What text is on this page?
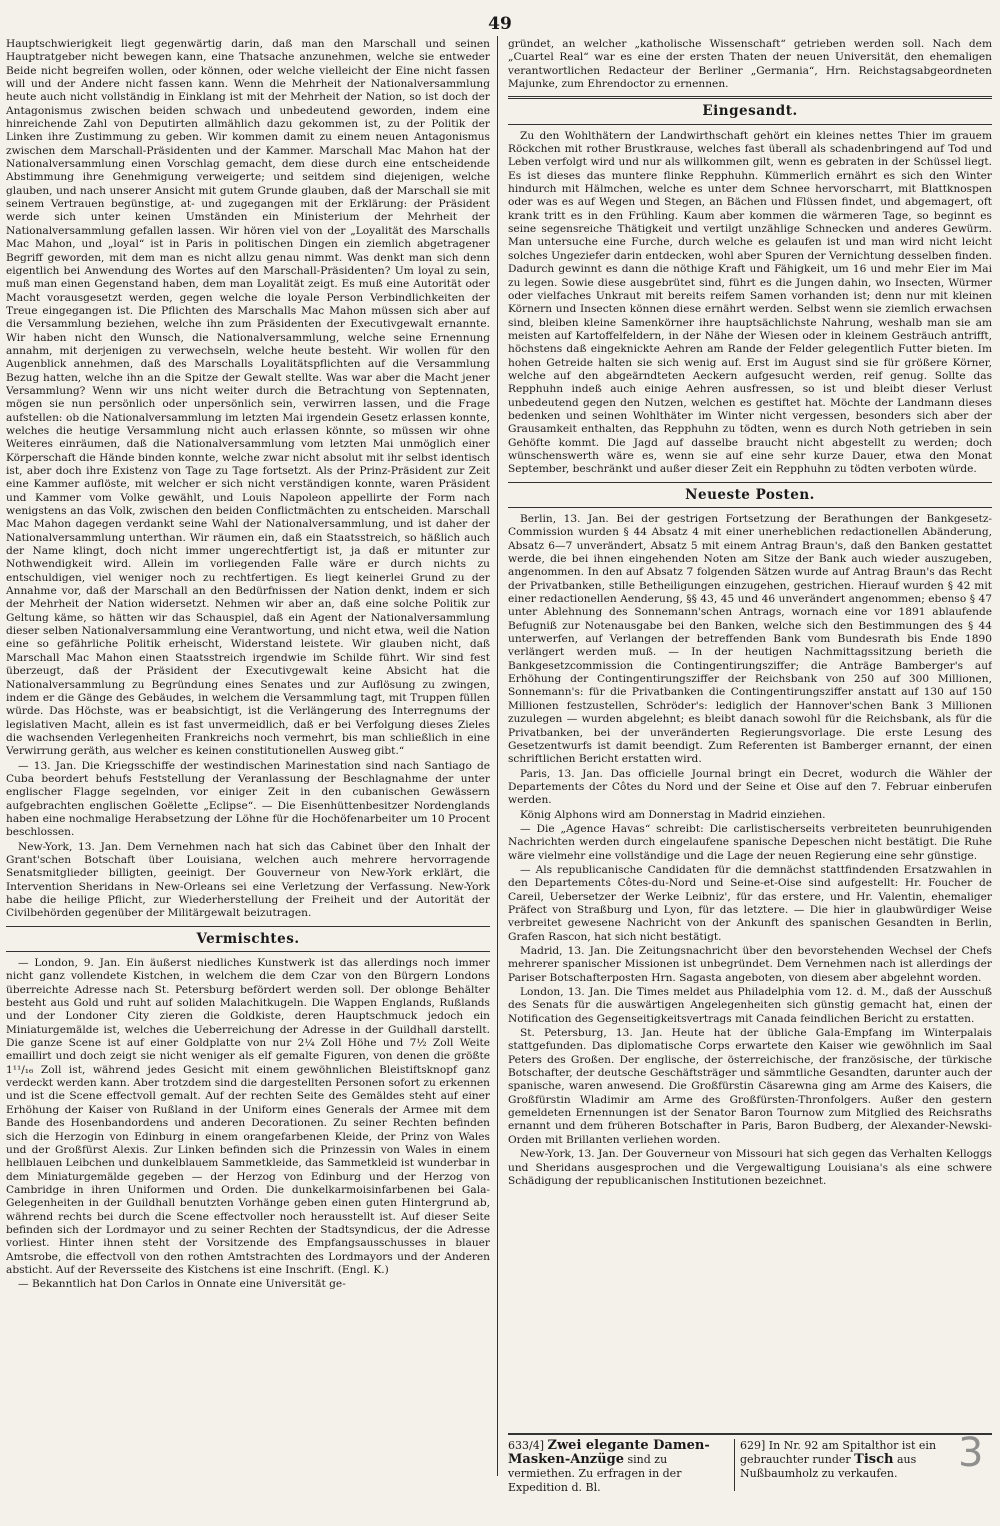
49

Hauptschwierigkeit liegt gegenwärtig darin, daß man den Marschall und seinen Hauptratgeber nicht bewegen kann, eine Thatsache anzunehmen, welche sie entweder Beide nicht begreifen wollen, oder können, oder welche vielleicht der Eine nicht fassen will und der Andere nicht fassen kann. Wenn die Mehrheit der Nationalversammlung heute auch nicht vollständig in Einklang ist mit der Mehrheit der Nation, so ist doch der Antagonismus zwischen beiden schwach und unbedeutend geworden, indem eine hinreichende Zahl von Deputirten allmählich dazu gekommen ist, zu der Politik der Linken ihre Zustimmung zu geben. Wir kommen damit zu einem neuen Antagonismus zwischen dem Marschall-Präsidenten und der Kammer. Marschall Mac Mahon hat der Nationalversammlung einen Vorschlag gemacht, dem diese durch eine entscheidende Abstimmung ihre Genehmigung verweigerte; und seitdem sind diejenigen, welche glauben, und nach unserer Ansicht mit gutem Grunde glauben, daß der Marschall sie mit seinem Vertrauen begünstige, at- und zugegangen mit der Erklärung: der Präsident werde sich unter keinen Umständen ein Ministerium der Mehrheit der Nationalversammlung gefallen lassen. Wir hören viel von der „Loyalität des Marschalls Mac Mahon, und „loyal“ ist in Paris in politischen Dingen ein ziemlich abgetragener Begriff geworden, mit dem man es nicht allzu genau nimmt. Was denkt man sich denn eigentlich bei Anwendung des Wortes auf den Marschall-Präsidenten? Um loyal zu sein, muß man einen Gegenstand haben, dem man Loyalität zeigt. Es muß eine Autorität oder Macht vorausgesetzt werden, gegen welche die loyale Person Verbindlichkeiten der Treue eingegangen ist. Die Pflichten des Marschalls Mac Mahon müssen sich aber auf die Versammlung beziehen, welche ihn zum Präsidenten der Executivgewalt ernannte. Wir haben nicht den Wunsch, die Nationalversammlung, welche seine Ernennung annahm, mit derjenigen zu verwechseln, welche heute besteht. Wir wollen für den Augenblick annehmen, daß des Marschalls Loyalitätspflichten auf die Versammlung Bezug hatten, welche ihn an die Spitze der Gewalt stellte. Was war aber die Macht jener Versammlung? Wenn wir uns nicht weiter durch die Betrachtung von Septennaten, mögen sie nun persönlich oder unpersönlich sein, verwirren lassen, und die Frage aufstellen: ob die Nationalversammlung im letzten Mai irgendein Gesetz erlassen konnte, welches die heutige Versammlung nicht auch erlassen könnte, so müssen wir ohne Weiteres einräumen, daß die Nationalversammlung vom letzten Mai unmöglich einer Körperschaft die Hände binden konnte, welche zwar nicht absolut mit ihr selbst identisch ist, aber doch ihre Existenz von Tage zu Tage fortsetzt. Als der Prinz-Präsident zur Zeit eine Kammer auflöste, mit welcher er sich nicht verständigen konnte, waren Präsident und Kammer vom Volke gewählt, und Louis Napoleon appellirte der Form nach wenigstens an das Volk, zwischen den beiden Conflictmächten zu entscheiden. Marschall Mac Mahon dagegen verdankt seine Wahl der Nationalversammlung, und ist daher der Nationalversammlung unterthan. Wir räumen ein, daß ein Staatsstreich, so häßlich auch der Name klingt, doch nicht immer ungerechtfertigt ist, ja daß er mitunter zur Nothwendigkeit wird. Allein im vorliegenden Falle wäre er durch nichts zu entschuldigen, viel weniger noch zu rechtfertigen. Es liegt keinerlei Grund zu der Annahme vor, daß der Marschall an den Bedürfnissen der Nation denkt, indem er sich der Mehrheit der Nation widersetzt. Nehmen wir aber an, daß eine solche Politik zur Geltung käme, so hätten wir das Schauspiel, daß ein Agent der Nationalversammlung dieser selben Nationalversammlung eine Verantwortung, und nicht etwa, weil die Nation eine so gefährliche Politik erheischt, Widerstand leistete. Wir glauben nicht, daß Marschall Mac Mahon einen Staatsstreich irgendwie im Schilde führt. Wir sind fest überzeugt, daß der Präsident der Executivgewalt keine Absicht hat die Nationalversammlung zu Begründung eines Senates und zur Auflösung zu zwingen, indem er die Gänge des Gebäudes, in welchem die Versammlung tagt, mit Truppen füllen würde. Das Höchste, was er beabsichtigt, ist die Verlängerung des Interregnums der legislativen Macht, allein es ist fast unvermeidlich, daß er bei Verfolgung dieses Zieles die wachsenden Verlegenheiten Frankreichs noch vermehrt, bis man schließlich in eine Verwirrung geräth, aus welcher es keinen constitutionellen Ausweg gibt.“

— 13. Jan. Die Kriegsschiffe der westindischen Marinestation sind nach Santiago de Cuba beordert behufs Feststellung der Veranlassung der Beschlagnahme der unter englischer Flagge segelnden, vor einiger Zeit in den cubanischen Gewässern aufgebrachten englischen Goëlette „Eclipse“. — Die Eisenhüttenbesitzer Nordenglands haben eine nochmalige Herabsetzung der Löhne für die Hochöfenarbeiter um 10 Procent beschlossen.

New-York, 13. Jan. Dem Vernehmen nach hat sich das Cabinet über den Inhalt der Grant'schen Botschaft über Louisiana, welchen auch mehrere hervorragende Senatsmitglieder billigten, geeinigt. Der Gouverneur von New-York erklärt, die Intervention Sheridans in New-Orleans sei eine Verletzung der Verfassung. New-York habe die heilige Pflicht, zur Wiederherstellung der Freiheit und der Autorität der Civilbehörden gegenüber der Militärgewalt beizutragen.

Vermischtes.

— London, 9. Jan. Ein äußerst niedliches Kunstwerk ist das allerdings noch immer nicht ganz vollendete Kistchen, in welchem die dem Czar von den Bürgern Londons überreichte Adresse nach St. Petersburg befördert werden soll. Der oblonge Behälter besteht aus Gold und ruht auf soliden Malachitkugeln. Die Wappen Englands, Rußlands und der Londoner City zieren die Goldkiste, deren Hauptschmuck jedoch ein Miniaturgemälde ist, welches die Ueberreichung der Adresse in der Guildhall darstellt. Die ganze Scene ist auf einer Goldplatte von nur 2¼ Zoll Höhe und 7½ Zoll Weite emaillirt und doch zeigt sie nicht weniger als elf gemalte Figuren, von denen die größte 1¹¹/₁₆ Zoll ist, während jedes Gesicht mit einem gewöhnlichen Bleistiftsknopf ganz verdeckt werden kann. Aber trotzdem sind die dargestellten Personen sofort zu erkennen und ist die Scene effectvoll gemalt. Auf der rechten Seite des Gemäldes steht auf einer Erhöhung der Kaiser von Rußland in der Uniform eines Generals der Armee mit dem Bande des Hosenbandordens und anderen Decorationen. Zu seiner Rechten befinden sich die Herzogin von Edinburg in einem orangefarbenen Kleide, der Prinz von Wales und der Großfürst Alexis. Zur Linken befinden sich die Prinzessin von Wales in einem hellblauen Leibchen und dunkelblauem Sammetkleide, das Sammetkleid ist wunderbar in dem Miniaturgemälde gegeben — der Herzog von Edinburg und der Herzog von Cambridge in ihren Uniformen und Orden. Die dunkelkarmoisinfarbenen bei Gala-Gelegenheiten in der Guildhall benutzten Vorhänge geben einen guten Hintergrund ab, während rechts bei durch die Scene effectvoller noch herausstellt ist. Auf dieser Seite befinden sich der Lordmayor und zu seiner Rechten der Stadtsyndicus, der die Adresse vorliest. Hinter ihnen steht der Vorsitzende des Empfangsausschusses in blauer Amtsrobe, die effectvoll von den rothen Amtstrachten des Lordmayors und der Anderen absticht. Auf der Reversseite des Kistchens ist eine Inschrift. (Engl. K.)

— Bekanntlich hat Don Carlos in Onnate eine Universität ge-

gründet, an welcher „katholische Wissenschaft“ getrieben werden soll. Nach dem „Cuartel Real“ war es eine der ersten Thaten der neuen Universität, den ehemaligen verantwortlichen Redacteur der Berliner „Germania“, Hrn. Reichstagsabgeordneten Majunke, zum Ehrendoctor zu ernennen.

Eingesandt.

Zu den Wohlthätern der Landwirthschaft gehört ein kleines nettes Thier im grauem Röckchen mit rother Brustkrause, welches fast überall als schadenbringend auf Tod und Leben verfolgt wird und nur als willkommen gilt, wenn es gebraten in der Schüssel liegt. Es ist dieses das muntere flinke Repphuhn. Kümmerlich ernährt es sich den Winter hindurch mit Hälmchen, welche es unter dem Schnee hervorscharrt, mit Blattknospen oder was es auf Wegen und Stegen, an Bächen und Flüssen findet, und abgemagert, oft krank tritt es in den Frühling. Kaum aber kommen die wärmeren Tage, so beginnt es seine segensreiche Thätigkeit und vertilgt unzählige Schnecken und anderes Gewürm. Man untersuche eine Furche, durch welche es gelaufen ist und man wird nicht leicht solches Ungeziefer darin entdecken, wohl aber Spuren der Vernichtung desselben finden. Dadurch gewinnt es dann die nöthige Kraft und Fähigkeit, um 16 und mehr Eier im Mai zu legen. Sowie diese ausgebrütet sind, führt es die Jungen dahin, wo Insecten, Würmer oder vielfaches Unkraut mit bereits reifem Samen vorhanden ist; denn nur mit kleinen Körnern und Insecten können diese ernährt werden. Selbst wenn sie ziemlich erwachsen sind, bleiben kleine Samenkörner ihre hauptsächlichste Nahrung, weshalb man sie am meisten auf Kartoffelfeldern, in der Nähe der Wiesen oder in kleinem Gesträuch antrifft, höchstens daß eingeknickte Aehren am Rande der Felder gelegentlich Futter bieten. Im hohen Getreide halten sie sich wenig auf. Erst im August sind sie für größere Körner, welche auf den abgeärndteten Aeckern aufgesucht werden, reif genug. Sollte das Repphuhn indeß auch einige Aehren ausfressen, so ist und bleibt dieser Verlust unbedeutend gegen den Nutzen, welchen es gestiftet hat. Möchte der Landmann dieses bedenken und seinen Wohlthäter im Winter nicht vergessen, besonders sich aber der Grausamkeit enthalten, das Repphuhn zu tödten, wenn es durch Noth getrieben in sein Gehöfte kommt. Die Jagd auf dasselbe braucht nicht abgestellt zu werden; doch wünschenswerth wäre es, wenn sie auf eine sehr kurze Dauer, etwa den Monat September, beschränkt und außer dieser Zeit ein Repphuhn zu tödten verboten würde.

Neueste Posten.

Berlin, 13. Jan. Bei der gestrigen Fortsetzung der Berathungen der Bankgesetz-Commission wurden § 44 Absatz 4 mit einer unerheblichen redactionellen Abänderung, Absatz 6—7 unverändert, Absatz 5 mit einem Antrag Braun's, daß den Banken gestattet werde, die bei ihnen eingehenden Noten am Sitze der Bank auch wieder auszugeben, angenommen. In den auf Absatz 7 folgenden Sätzen wurde auf Antrag Braun's das Recht der Privatbanken, stille Betheiligungen einzugehen, gestrichen. Hierauf wurden § 42 mit einer redactionellen Aenderung, §§ 43, 45 und 46 unverändert angenommen; ebenso § 47 unter Ablehnung des Sonnemann'schen Antrags, wornach eine vor 1891 ablaufende Befugniß zur Notenausgabe bei den Banken, welche sich den Bestimmungen des § 44 unterwerfen, auf Verlangen der betreffenden Bank vom Bundesrath bis Ende 1890 verlängert werden muß. — In der heutigen Nachmittagssitzung berieth die Bankgesetzcommission die Contingentirungsziffer; die Anträge Bamberger's auf Erhöhung der Contingentirungsziffer der Reichsbank von 250 auf 300 Millionen, Sonnemann's: für die Privatbanken die Contingentirungsziffer anstatt auf 130 auf 150 Millionen festzustellen, Schröder's: lediglich der Hannover'schen Bank 3 Millionen zuzulegen — wurden abgelehnt; es bleibt danach sowohl für die Reichsbank, als für die Privatbanken, bei der unveränderten Regierungsvorlage. Die erste Lesung des Gesetzentwurfs ist damit beendigt. Zum Referenten ist Bamberger ernannt, der einen schriftlichen Bericht erstatten wird.

Paris, 13. Jan. Das officielle Journal bringt ein Decret, wodurch die Wähler der Departements der Côtes du Nord und der Seine et Oise auf den 7. Februar einberufen werden.

König Alphons wird am Donnerstag in Madrid einziehen.

— Die „Agence Havas“ schreibt: Die carlistischerseits verbreiteten beunruhigenden Nachrichten werden durch eingelaufene spanische Depeschen nicht bestätigt. Die Ruhe wäre vielmehr eine vollständige und die Lage der neuen Regierung eine sehr günstige.

— Als republicanische Candidaten für die demnächst stattfindenden Ersatzwahlen in den Departements Côtes-du-Nord und Seine-et-Oise sind aufgestellt: Hr. Foucher de Careil, Uebersetzer der Werke Leibniz', für das erstere, und Hr. Valentin, ehemaliger Präfect von Straßburg und Lyon, für das letztere. — Die hier in glaubwürdiger Weise verbreitet gewesene Nachricht von der Ankunft des spanischen Gesandten in Berlin, Grafen Rascon, hat sich nicht bestätigt.

Madrid, 13. Jan. Die Zeitungsnachricht über den bevorstehenden Wechsel der Chefs mehrerer spanischer Missionen ist unbegründet. Dem Vernehmen nach ist allerdings der Pariser Botschafterposten Hrn. Sagasta angeboten, von diesem aber abgelehnt worden.

London, 13. Jan. Die Times meldet aus Philadelphia vom 12. d. M., daß der Ausschuß des Senats für die auswärtigen Angelegenheiten sich günstig gemacht hat, einen der Notification des Gegenseitigkeitsvertrags mit Canada feindlichen Bericht zu erstatten.

St. Petersburg, 13. Jan. Heute hat der übliche Gala-Empfang im Winterpalais stattgefunden. Das diplomatische Corps erwartete den Kaiser wie gewöhnlich im Saal Peters des Großen. Der englische, der österreichische, der französische, der türkische Botschafter, der deutsche Geschäftsträger und sämmtliche Gesandten, darunter auch der spanische, waren anwesend. Die Großfürstin Cäsarewna ging am Arme des Kaisers, die Großfürstin Wladimir am Arme des Großfürsten-Thronfolgers. Außer den gestern gemeldeten Ernennungen ist der Senator Baron Tournow zum Mitglied des Reichsraths ernannt und dem früheren Botschafter in Paris, Baron Budberg, der Alexander-Newski-Orden mit Brillanten verliehen worden.

New-York, 13. Jan. Der Gouverneur von Missouri hat sich gegen das Verhalten Kelloggs und Sheridans ausgesprochen und die Vergewaltigung Louisiana's als eine schwere Schädigung der republicanischen Institutionen bezeichnet.

633/4] Zwei elegante Damen-Masken-Anzüge sind zu vermiethen. Zu erfragen in der Expedition d. Bl.
629] In Nr. 92 am Spitalthor ist ein gebrauchter runder Tisch aus Nußbaumholz zu verkaufen.	3
